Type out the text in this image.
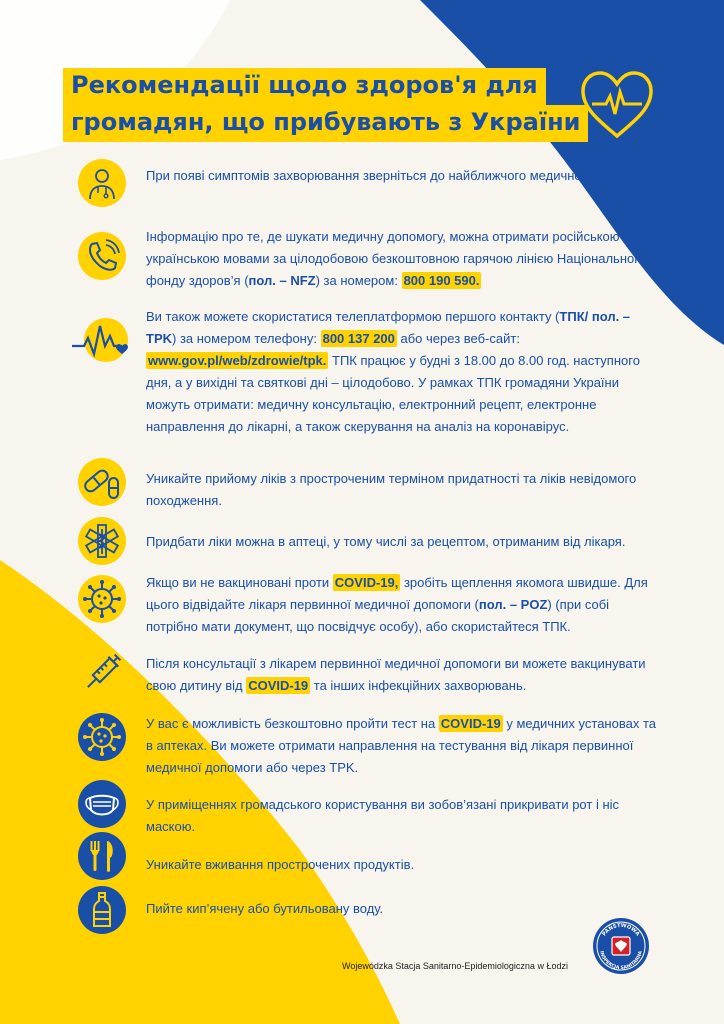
Рекомендації щодо здоров'я для
громадян, що прибувають з України
При появі симптомів захворювання зверніться до найближчого медичного закладу.
Інформацію про те, де шукати медичну допомогу, можна отримати російською та українською мовами за цілодобовою безкоштовною гарячою лінією Національного фонду здоров’я (пол. – NFZ) за номером: 800 190 590.
Ви також можете скористатися телеплатформою першого контакту (ТПК/ пол. – TPK) за номером телефону: 800 137 200 або через веб-сайт: www.gov.pl/web/zdrowie/tpk. ТПК працює у будні з 18.00 до 8.00 год. наступного дня, а у вихідні та святкові дні – цілодобово. У рамках ТПК громадяни України можуть отримати: медичну консультацію, електронний рецепт, електронне направлення до лікарні, а також скерування на аналіз на коронавірус.
Уникайте прийому ліків з простроченим терміном придатності та ліків невідомого походження.
Придбати ліки можна в аптеці, у тому числі за рецептом, отриманим від лікаря.
Якщо ви не вакциновані проти COVID-19, зробіть щеплення якомога швидше. Для цього відвідайте лікаря первинної медичної допомоги (пол. – POZ) (при собі потрібно мати документ, що посвідчує особу), або скористайтеся ТПК.
Після консультації з лікарем первинної медичної допомоги ви можете вакцинувати свою дитину від COVID-19 та інших інфекційних захворювань.
У вас є можливість безкоштовно пройти тест на COVID-19 у медичних установах та в аптеках. Ви можете отримати направлення на тестування від лікаря первинної медичної допомоги або через TPK.
У приміщеннях громадського користування ви зобов’язані прикривати рот і ніс маскою.
Уникайте вживання прострочених продуктів.
Пийте кип’ячену або бутильовану воду.
Wojewódzka Stacja Sanitarno-Epidemiologiczna w Łodzi
PAŃSTWOWA
INSPEKCJA SANITARNA
